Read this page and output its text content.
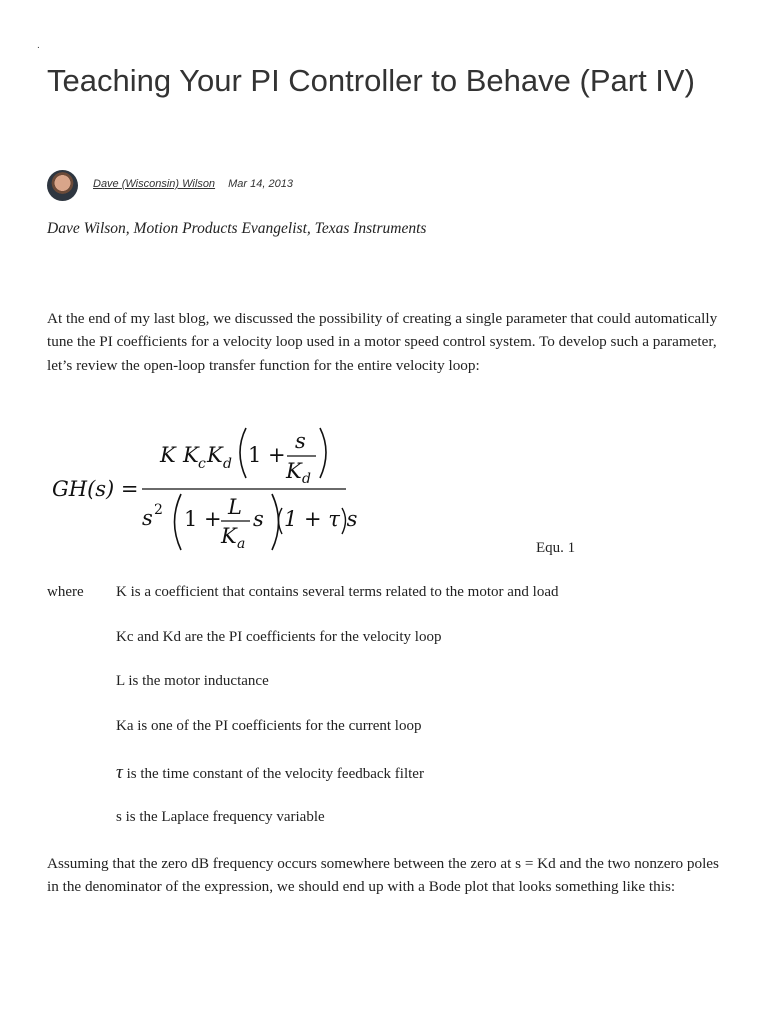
.
Teaching Your PI Controller to Behave (Part IV)
Dave (Wisconsin) Wilson Mar 14, 2013
Dave Wilson, Motion Products Evangelist, Texas Instruments

At the end of my last blog, we discussed the possibility of creating a single parameter that could automatically tune the PI coefficients for a velocity loop used in a motor speed control system. To develop such a parameter, let’s review the open-loop transfer function for the entire velocity loop:

GH(s) =
K K c K d 1 +
s
K d
s 2 1 + L
K a
s 1 + τ s
Equ. 1
where K is a coefficient that contains several terms related to the motor and load
Kc and Kd are the PI coefficients for the velocity loop
L is the motor inductance
Ka is one of the PI coefficients for the current loop
τ is the time constant of the velocity feedback filter
s is the Laplace frequency variable

Assuming that the zero dB frequency occurs somewhere between the zero at s = Kd and the two nonzero poles in the denominator of the expression, we should end up with a Bode plot that looks something like this:
